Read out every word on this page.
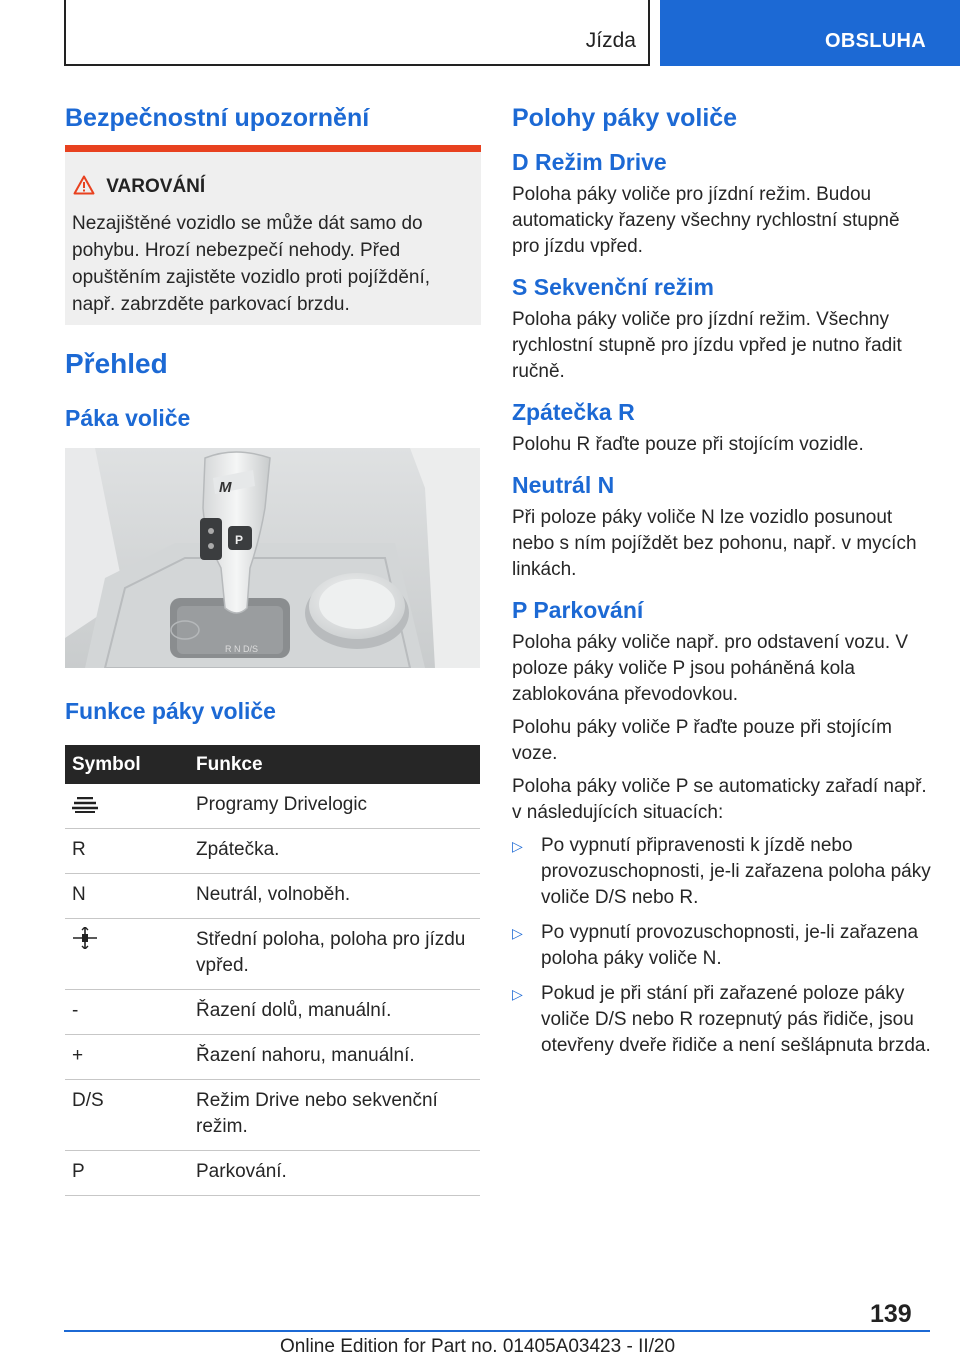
Jízda	OBSLUHA
Bezpečnostní upozornění
VAROVÁNÍ
Nezajištěné vozidlo se může dát samo do pohybu. Hrozí nebezpečí nehody. Před opuštěním zajistěte vozidlo proti pojíždění, např. zabrzděte parkovací brzdu.
Přehled
Páka voliče
M
P
R N D/S
Funkce páky voliče
Symbol	Funkce
	Programy Drivelogic
R	Zpátečka.
N	Neutrál, volnoběh.
	Střední poloha, poloha pro jízdu vpřed.
-	Řazení dolů, manuální.
+	Řazení nahoru, manuální.
D/S	Režim Drive nebo sekvenční režim.
P	Parkování.
Polohy páky voliče
D Režim Drive

Poloha páky voliče pro jízdní režim. Budou automaticky řazeny všechny rychlostní stupně pro jízdu vpřed.

S Sekvenční režim

Poloha páky voliče pro jízdní režim. Všechny rychlostní stupně pro jízdu vpřed je nutno řadit ručně.

Zpátečka R

Polohu R řaďte pouze při stojícím vozidle.

Neutrál N

Při poloze páky voliče N lze vozidlo posunout nebo s ním pojíždět bez pohonu, např. v mycích linkách.

P Parkování

Poloha páky voliče např. pro odstavení vozu. V poloze páky voliče P jsou poháněná kola zablokována převodovkou.

Polohu páky voliče P řaďte pouze při stojícím voze.

Poloha páky voliče P se automaticky zařadí např. v následujících situacích:

▷ Po vypnutí připravenosti k jízdě nebo provozuschopnosti, je-li zařazena poloha páky voliče D/S nebo R.
▷ Po vypnutí provozuschopnosti, je-li zařazena poloha páky voliče N.
▷ Pokud je při stání při zařazené poloze páky voliče D/S nebo R rozepnutý pás řidiče, jsou otevřeny dveře řidiče a není sešlápnuta brzda.
139
Online Edition for Part no. 01405A03423 - II/20
